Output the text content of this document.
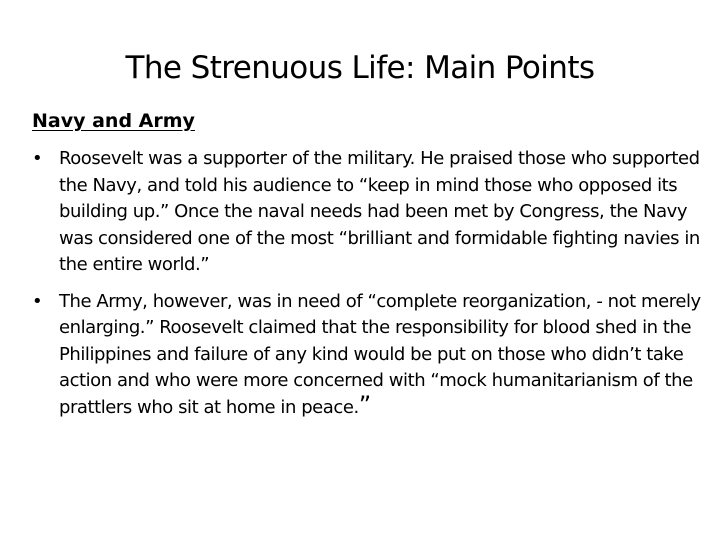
The Strenuous Life: Main Points
Navy and Army
• Roosevelt was a supporter of the military. He praised those who supported the Navy, and told his audience to “keep in mind those who opposed its building up.” Once the naval needs had been met by Congress, the Navy was considered one of the most “brilliant and formidable fighting navies in the entire world.”
• The Army, however, was in need of “complete reorganization, - not merely enlarging.” Roosevelt claimed that the responsibility for blood shed in the Philippines and failure of any kind would be put on those who didn’t take action and who were more concerned with “mock humanitarianism of the prattlers who sit at home in peace.”
